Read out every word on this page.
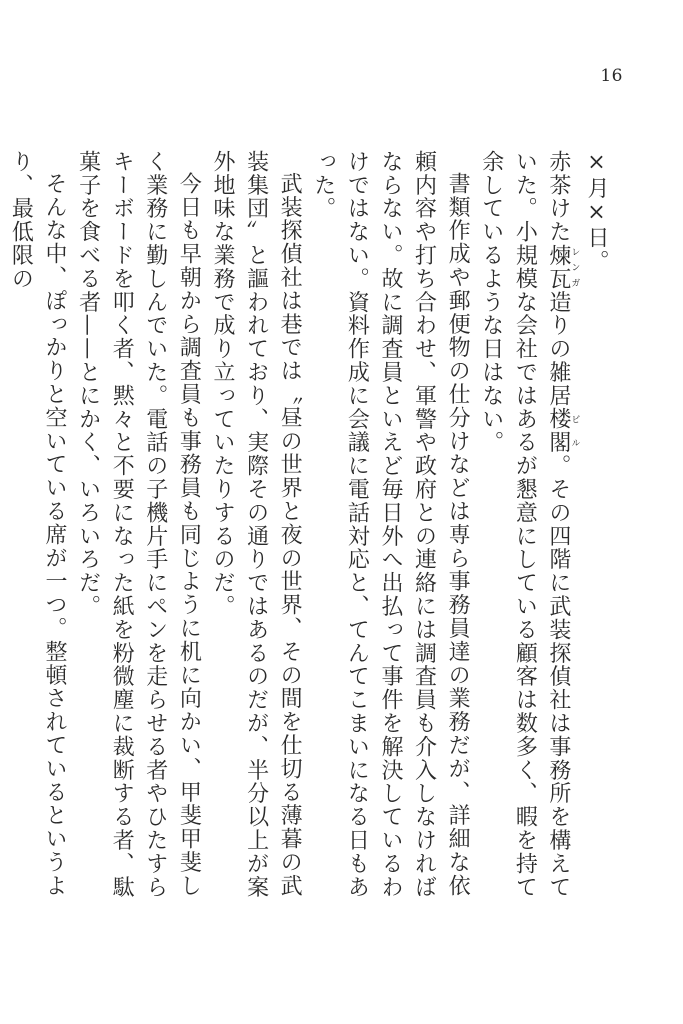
16

×月×日。

赤茶けた煉瓦レンガ造りの雑居楼閣ビル。その四階に武装探偵社は事務所を構えていた。小規模な会社ではあるが懇意にしている顧客は数多く、暇を持て余しているような日はない。

書類作成や郵便物の仕分けなどは専ら事務員達の業務だが、詳細な依頼内容や打ち合わせ、軍警や政府との連絡には調査員も介入しなければならない。故に調査員といえど毎日外へ出払って事件を解決しているわけではない。資料作成に会議に電話対応と、てんてこまいになる日もあった。

武装探偵社は巷では〝昼の世界と夜の世界、その間を仕切る薄暮の武装集団〟と謳われており、実際その通りではあるのだが、半分以上が案外地味な業務で成り立っていたりするのだ。

今日も早朝から調査員も事務員も同じように机に向かい、甲斐甲斐しく業務に勤しんでいた。電話の子機片手にペンを走らせる者やひたすらキーボードを叩く者、黙々と不要になった紙を粉微塵に裁断する者、駄菓子を食べる者——とにかく、いろいろだ。

そんな中、ぽっかりと空いている席が一つ。整頓されているというより、最低限の
